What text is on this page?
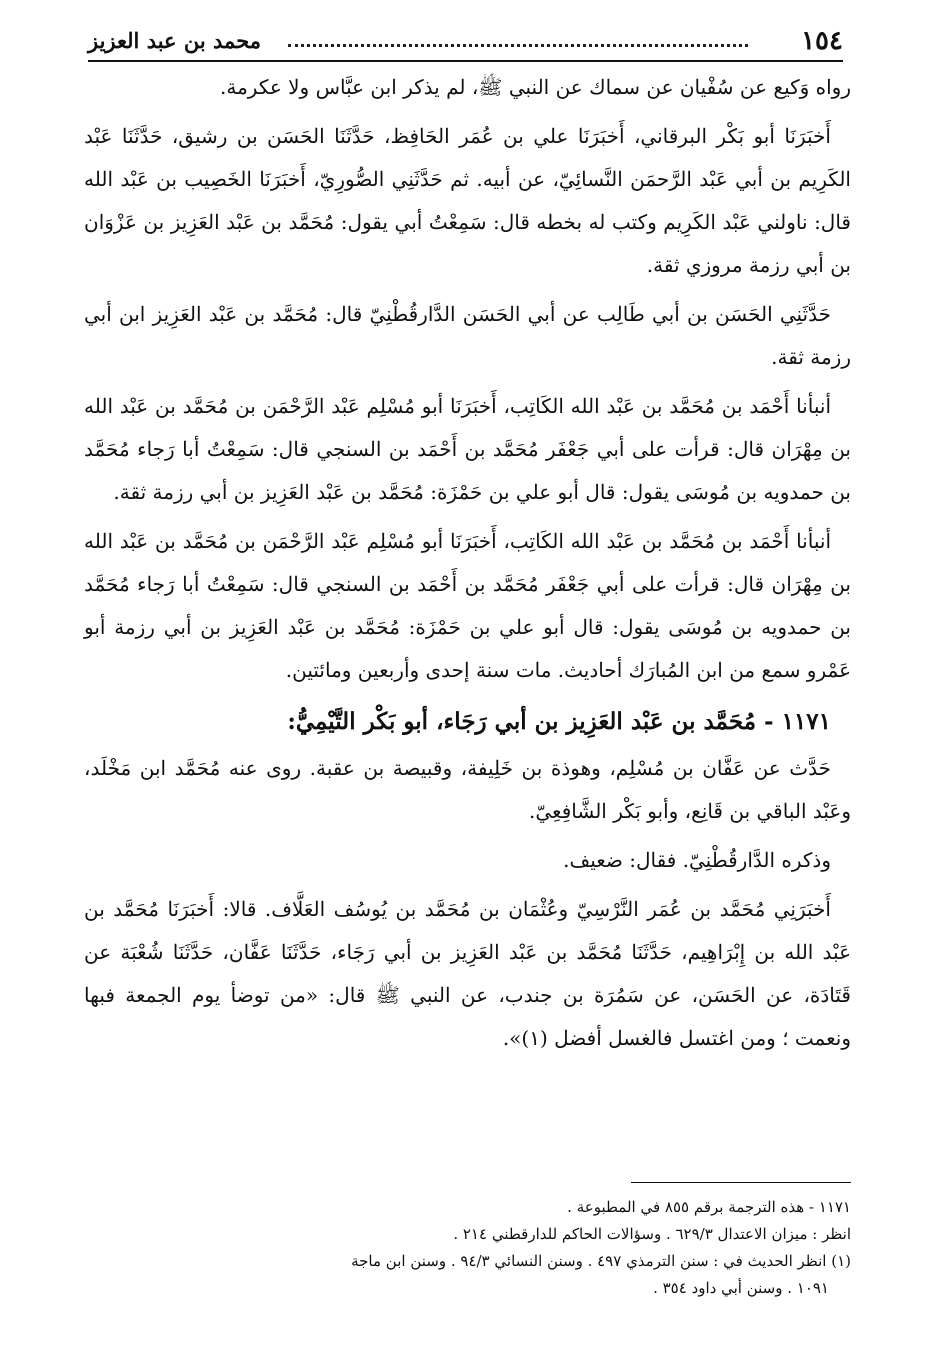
١٥٤
محمد بن عبد العزيز

رواه وَكيع عن سُفْيان عن سماك عن النبي ﷺ، لم يذكر ابن عبَّاس ولا عكرمة.

أَخبَرَنَا أبو بَكْر البرقاني، أَخبَرَنَا علي بن عُمَر الحَافِظ، حَدَّثَنَا الحَسَن بن رشيق، حَدَّثَنَا عَبْد الكَرِيم بن أبي عَبْد الرَّحمَن النَّسائِيّ، عن أبيه. ثم حَدَّثَنِي الصُّورِيّ، أَخبَرَنَا الخَصِيب بن عَبْد الله قال: ناولني عَبْد الكَرِيم وكتب له بخطه قال: سَمِعْتُ أبي يقول: مُحَمَّد بن عَبْد العَزِيز بن عَزْوَان بن أبي رزمة مروزي ثقة.

حَدَّثَنِي الحَسَن بن أبي طَالِب عن أبي الحَسَن الدَّارقُطْنِيّ قال: مُحَمَّد بن عَبْد العَزِيز ابن أبي رزمة ثقة.

أنبأنا أَحْمَد بن مُحَمَّد بن عَبْد الله الكَاتِب، أَخبَرَنَا أبو مُسْلِم عَبْد الرَّحْمَن بن مُحَمَّد بن عَبْد الله بن مِهْرَان قال: قرأت على أبي جَعْفَر مُحَمَّد بن أَحْمَد بن السنجي قال: سَمِعْتُ أبا رَجاء مُحَمَّد بن حمدويه بن مُوسَى يقول: قال أبو علي بن حَمْزَة: مُحَمَّد بن عَبْد العَزِيز بن أبي رزمة ثقة.

أنبأنا أَحْمَد بن مُحَمَّد بن عَبْد الله الكَاتِب، أَخبَرَنَا أبو مُسْلِم عَبْد الرَّحْمَن بن مُحَمَّد بن عَبْد الله بن مِهْرَان قال: قرأت على أبي جَعْفَر مُحَمَّد بن أَحْمَد بن السنجي قال: سَمِعْتُ أبا رَجاء مُحَمَّد بن حمدويه بن مُوسَى يقول: قال أبو علي بن حَمْزَة: مُحَمَّد بن عَبْد العَزِيز بن أبي رزمة أبو عَمْرو سمع من ابن المُبارَك أحاديث. مات سنة إحدى وأربعين ومائتين.

١١٧١ - مُحَمَّد بن عَبْد العَزِيز بن أبي رَجَاء، أبو بَكْر التَّيْمِيُّ:

حَدَّث عن عَفَّان بن مُسْلِم، وهوذة بن خَلِيفة، وقبيصة بن عقبة. روى عنه مُحَمَّد ابن مَخْلَد، وعَبْد الباقي بن قَانِع، وأبو بَكْر الشَّافِعِيّ.

وذكره الدَّارقُطْنِيّ. فقال: ضعيف.

أَخبَرَنِي مُحَمَّد بن عُمَر النَّرْسِيّ وعُثْمَان بن مُحَمَّد بن يُوسُف العَلَّاف. قالا: أَخبَرَنَا مُحَمَّد بن عَبْد الله بن إِبْرَاهِيم، حَدَّثَنَا مُحَمَّد بن عَبْد العَزِيز بن أبي رَجَاء، حَدَّثَنَا عَفَّان، حَدَّثَنَا شُعْبَة عن قَتَادَة، عن الحَسَن، عن سَمُرَة بن جندب، عن النبي ﷺ قال: «من توضأ يوم الجمعة فبها ونعمت ؛ ومن اغتسل فالغسل أفضل (١)».

١١٧١ - هذه الترجمة برقم ٨٥٥ في المطبوعة .

انظر : ميزان الاعتدال ٦٢٩/٣ . وسؤالات الحاكم للدارقطني ٢١٤ .

(١) انظر الحديث في : سنن الترمذي ٤٩٧ . وسنن النسائي ٩٤/٣ . وسنن ابن ماجة

١٠٩١ . وسنن أبي داود ٣٥٤ .
